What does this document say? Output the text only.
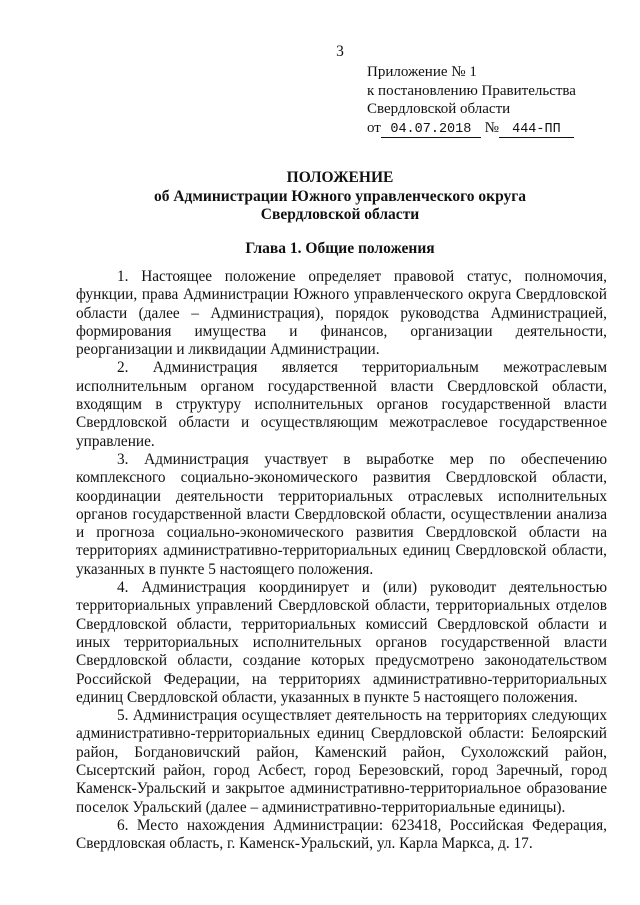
3
Приложение № 1
к постановлению Правительства
Свердловской области
от 04.07.2018 № 444-ПП
ПОЛОЖЕНИЕ
об Администрации Южного управленческого округа
Свердловской области
Глава 1. Общие положения

1. Настоящее положение определяет правовой статус, полномочия, функции, права Администрации Южного управленческого округа Свердловской области (далее – Администрация), порядок руководства Администрацией, формирования имущества и финансов, организации деятельности, реорганизации и ликвидации Администрации.

2. Администрация является территориальным межотраслевым исполнительным органом государственной власти Свердловской области, входящим в структуру исполнительных органов государственной власти Свердловской области и осуществляющим межотраслевое государственное управление.

3. Администрация участвует в выработке мер по обеспечению комплексного социально-экономического развития Свердловской области, координации деятельности территориальных отраслевых исполнительных органов государственной власти Свердловской области, осуществлении анализа и прогноза социально-экономического развития Свердловской области на территориях административно-территориальных единиц Свердловской области, указанных в пункте 5 настоящего положения.

4. Администрация координирует и (или) руководит деятельностью территориальных управлений Свердловской области, территориальных отделов Свердловской области, территориальных комиссий Свердловской области и иных территориальных исполнительных органов государственной власти Свердловской области, создание которых предусмотрено законодательством Российской Федерации, на территориях административно-территориальных единиц Свердловской области, указанных в пункте 5 настоящего положения.

5. Администрация осуществляет деятельность на территориях следующих административно-территориальных единиц Свердловской области: Белоярский район, Богдановичский район, Каменский район, Сухоложский район, Сысертский район, город Асбест, город Березовский, город Заречный, город Каменск-Уральский и закрытое административно-территориальное образование поселок Уральский (далее – административно-территориальные единицы).

6. Место нахождения Администрации: 623418, Российская Федерация, Свердловская область, г. Каменск-Уральский, ул. Карла Маркса, д. 17.
